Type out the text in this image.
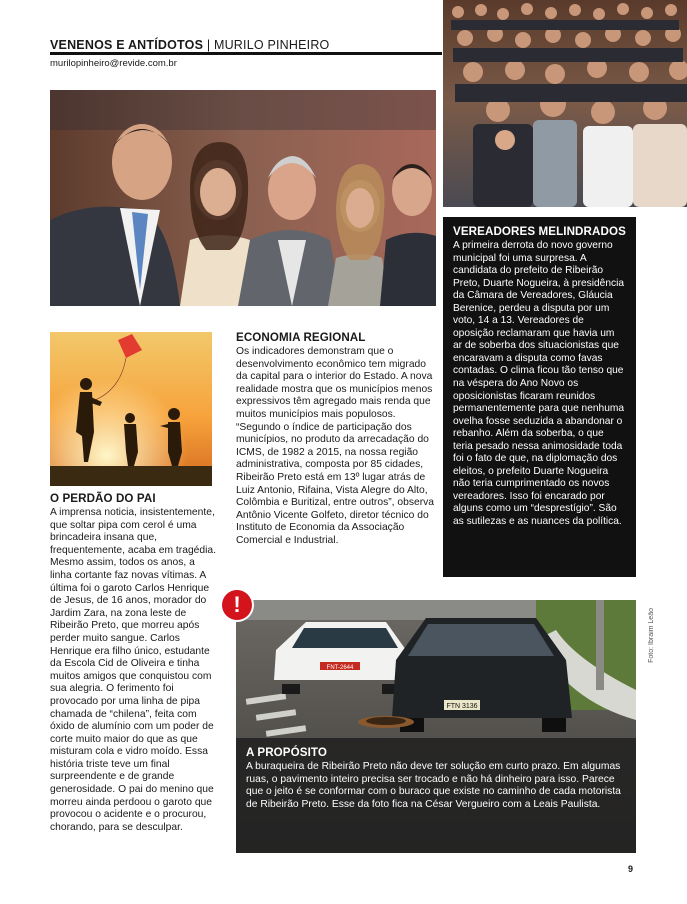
VENENOS E ANTÍDOTOS | MURILO PINHEIRO
murilopinheiro@revide.com.br
O PERDÃO DO PAI

A imprensa noticia, insistentemente, que soltar pipa com cerol é uma brincadeira insana que, frequentemente, acaba em tragédia. Mesmo assim, todos os anos, a linha cortante faz novas vítimas. A última foi o garoto Carlos Henrique de Jesus, de 16 anos, morador do Jardim Zara, na zona leste de Ribeirão Preto, que morreu após perder muito sangue. Carlos Henrique era filho único, estudante da Escola Cid de Oliveira e tinha muitos amigos que conquistou com sua alegria. O ferimento foi provocado por uma linha de pipa chamada de “chilena”, feita com óxido de alumínio com um poder de corte muito maior do que as que misturam cola e vidro moído. Essa história triste teve um final surpreendente e de grande generosidade. O pai do menino que morreu ainda perdoou o garoto que provocou o acidente e o procurou, chorando, para se desculpar.

ECONOMIA REGIONAL

Os indicadores demonstram que o desenvolvimento econômico tem migrado da capital para o interior do Estado. A nova realidade mostra que os municípios menos expressivos têm agregado mais renda que muitos municípios mais populosos. “Segundo o índice de participação dos municípios, no produto da arrecadação do ICMS, de 1982 a 2015, na nossa região administrativa, composta por 85 cidades, Ribeirão Preto está em 13º lugar atrás de Luiz Antonio, Rifaina, Vista Alegre do Alto, Colômbia e Buritizal, entre outros”, observa Antônio Vicente Golfeto, diretor técnico do Instituto de Economia da Associação Comercial e Industrial.

VEREADORES MELINDRADOS

A primeira derrota do novo governo municipal foi uma surpresa. A candidata do prefeito de Ribeirão Preto, Duarte Nogueira, à presidência da Câmara de Vereadores, Gláucia Berenice, perdeu a disputa por um voto, 14 a 13. Vereadores de oposição reclamaram que havia um ar de soberba dos situacionistas que encaravam a disputa como favas contadas. O clima ficou tão tenso que na véspera do Ano Novo os oposicionistas ficaram reunidos permanentemente para que nenhuma ovelha fosse seduzida a abandonar o rebanho. Além da soberba, o que teria pesado nessa animosidade toda foi o fato de que, na diplomação dos eleitos, o prefeito Duarte Nogueira não teria cumprimentado os novos vereadores. Isso foi encarado por alguns como um “desprestígio”. São as sutilezas e as nuances da política.

FNT-2644
FTN 3136
Foto: Ibraim Leão
!
A PROPÓSITO

A buraqueira de Ribeirão Preto não deve ter solução em curto prazo. Em algumas ruas, o pavimento inteiro precisa ser trocado e não há dinheiro para isso. Parece que o jeito é se conformar com o buraco que existe no caminho de cada motorista de Ribeirão Preto. Esse da foto fica na César Vergueiro com a Leais Paulista.

9
